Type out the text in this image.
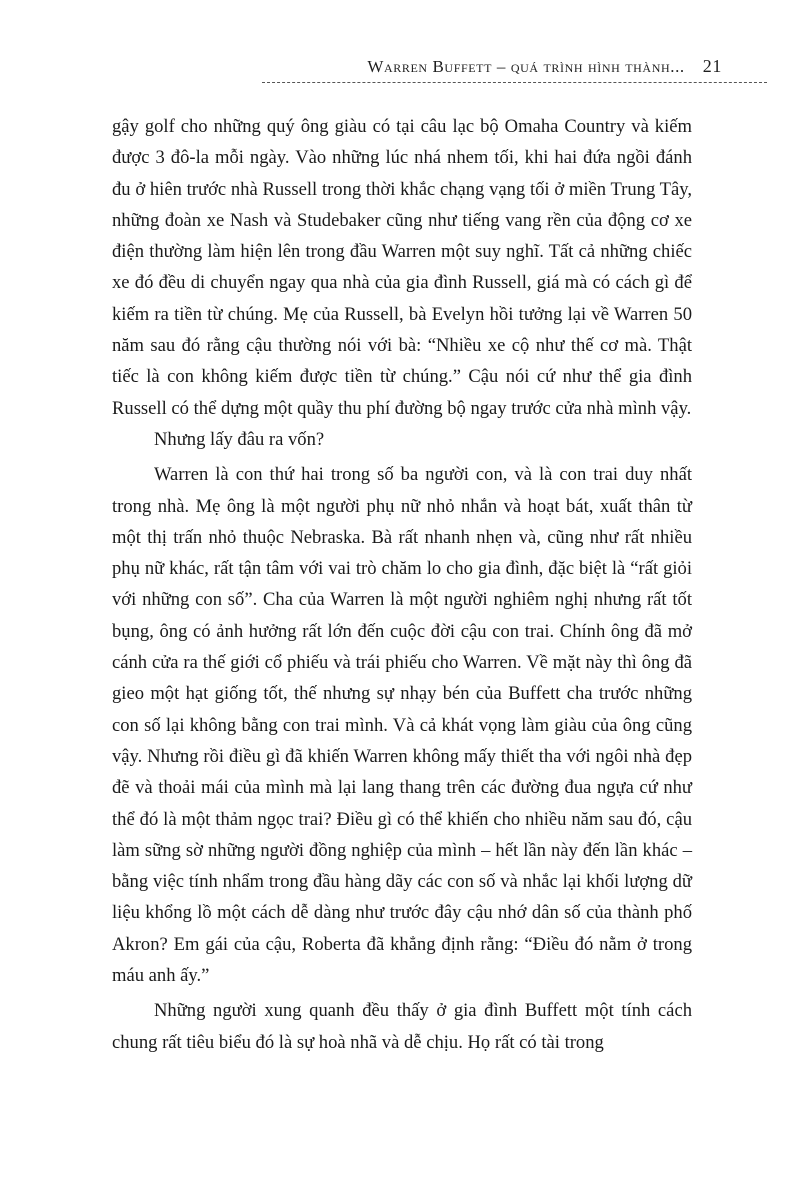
Warren Buffett – quá trình hình thành... 21

gậy golf cho những quý ông giàu có tại câu lạc bộ Omaha Country và kiếm được 3 đô-la mỗi ngày. Vào những lúc nhá nhem tối, khi hai đứa ngồi đánh đu ở hiên trước nhà Russell trong thời khắc chạng vạng tối ở miền Trung Tây, những đoàn xe Nash và Studebaker cũng như tiếng vang rền của động cơ xe điện thường làm hiện lên trong đầu Warren một suy nghĩ. Tất cả những chiếc xe đó đều di chuyển ngay qua nhà của gia đình Russell, giá mà có cách gì để kiếm ra tiền từ chúng. Mẹ của Russell, bà Evelyn hồi tưởng lại về Warren 50 năm sau đó rằng cậu thường nói với bà: “Nhiều xe cộ như thế cơ mà. Thật tiếc là con không kiếm được tiền từ chúng.” Cậu nói cứ như thể gia đình Russell có thể dựng một quầy thu phí đường bộ ngay trước cửa nhà mình vậy.

Nhưng lấy đâu ra vốn?

Warren là con thứ hai trong số ba người con, và là con trai duy nhất trong nhà. Mẹ ông là một người phụ nữ nhỏ nhắn và hoạt bát, xuất thân từ một thị trấn nhỏ thuộc Nebraska. Bà rất nhanh nhẹn và, cũng như rất nhiều phụ nữ khác, rất tận tâm với vai trò chăm lo cho gia đình, đặc biệt là “rất giỏi với những con số”. Cha của Warren là một người nghiêm nghị nhưng rất tốt bụng, ông có ảnh hưởng rất lớn đến cuộc đời cậu con trai. Chính ông đã mở cánh cửa ra thế giới cổ phiếu và trái phiếu cho Warren. Về mặt này thì ông đã gieo một hạt giống tốt, thế nhưng sự nhạy bén của Buffett cha trước những con số lại không bằng con trai mình. Và cả khát vọng làm giàu của ông cũng vậy. Nhưng rồi điều gì đã khiến Warren không mấy thiết tha với ngôi nhà đẹp đẽ và thoải mái của mình mà lại lang thang trên các đường đua ngựa cứ như thể đó là một thảm ngọc trai? Điều gì có thể khiến cho nhiều năm sau đó, cậu làm sững sờ những người đồng nghiệp của mình – hết lần này đến lần khác – bằng việc tính nhẩm trong đầu hàng dãy các con số và nhắc lại khối lượng dữ liệu khổng lồ một cách dễ dàng như trước đây cậu nhớ dân số của thành phố Akron? Em gái của cậu, Roberta đã khẳng định rằng: “Điều đó nằm ở trong máu anh ấy.”

Những người xung quanh đều thấy ở gia đình Buffett một tính cách chung rất tiêu biểu đó là sự hoà nhã và dễ chịu. Họ rất có tài trong
